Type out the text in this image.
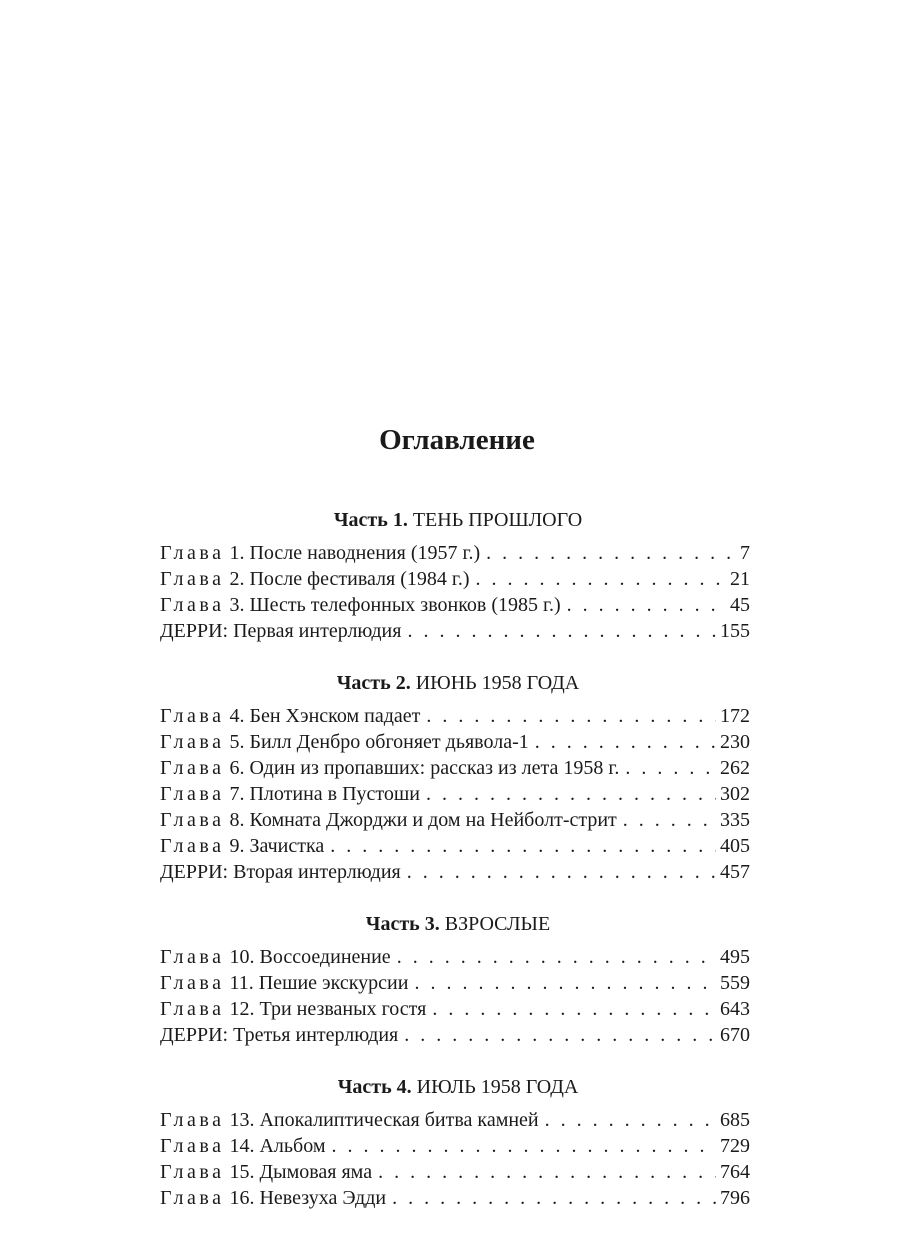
Оглавление
Часть 1. ТЕНЬ ПРОШЛОГО
Глава 1. После наводнения (1957 г.) . . .	7
Глава 2. После фестиваля (1984 г.) . . .	21
Глава 3. Шесть телефонных звонков (1985 г.) . . .	45
ДЕРРИ: Первая интерлюдия . . .	155
Часть 2. ИЮНЬ 1958 ГОДА
Глава 4. Бен Хэнском падает . . .	172
Глава 5. Билл Денбро обгоняет дьявола-1 . . .	230
Глава 6. Один из пропавших: рассказ из лета 1958 г. . . .	262
Глава 7. Плотина в Пустоши . . .	302
Глава 8. Комната Джорджи и дом на Нейболт-стрит . . .	335
Глава 9. Зачистка . . .	405
ДЕРРИ: Вторая интерлюдия . . .	457
Часть 3. ВЗРОСЛЫЕ
Глава 10. Воссоединение . . .	495
Глава 11. Пешие экскурсии . . .	559
Глава 12. Три незваных гостя . . .	643
ДЕРРИ: Третья интерлюдия . . .	670
Часть 4. ИЮЛЬ 1958 ГОДА
Глава 13. Апокалиптическая битва камней . . .	685
Глава 14. Альбом . . .	729
Глава 15. Дымовая яма . . .	764
Глава 16. Невезуха Эдди . . .	796
